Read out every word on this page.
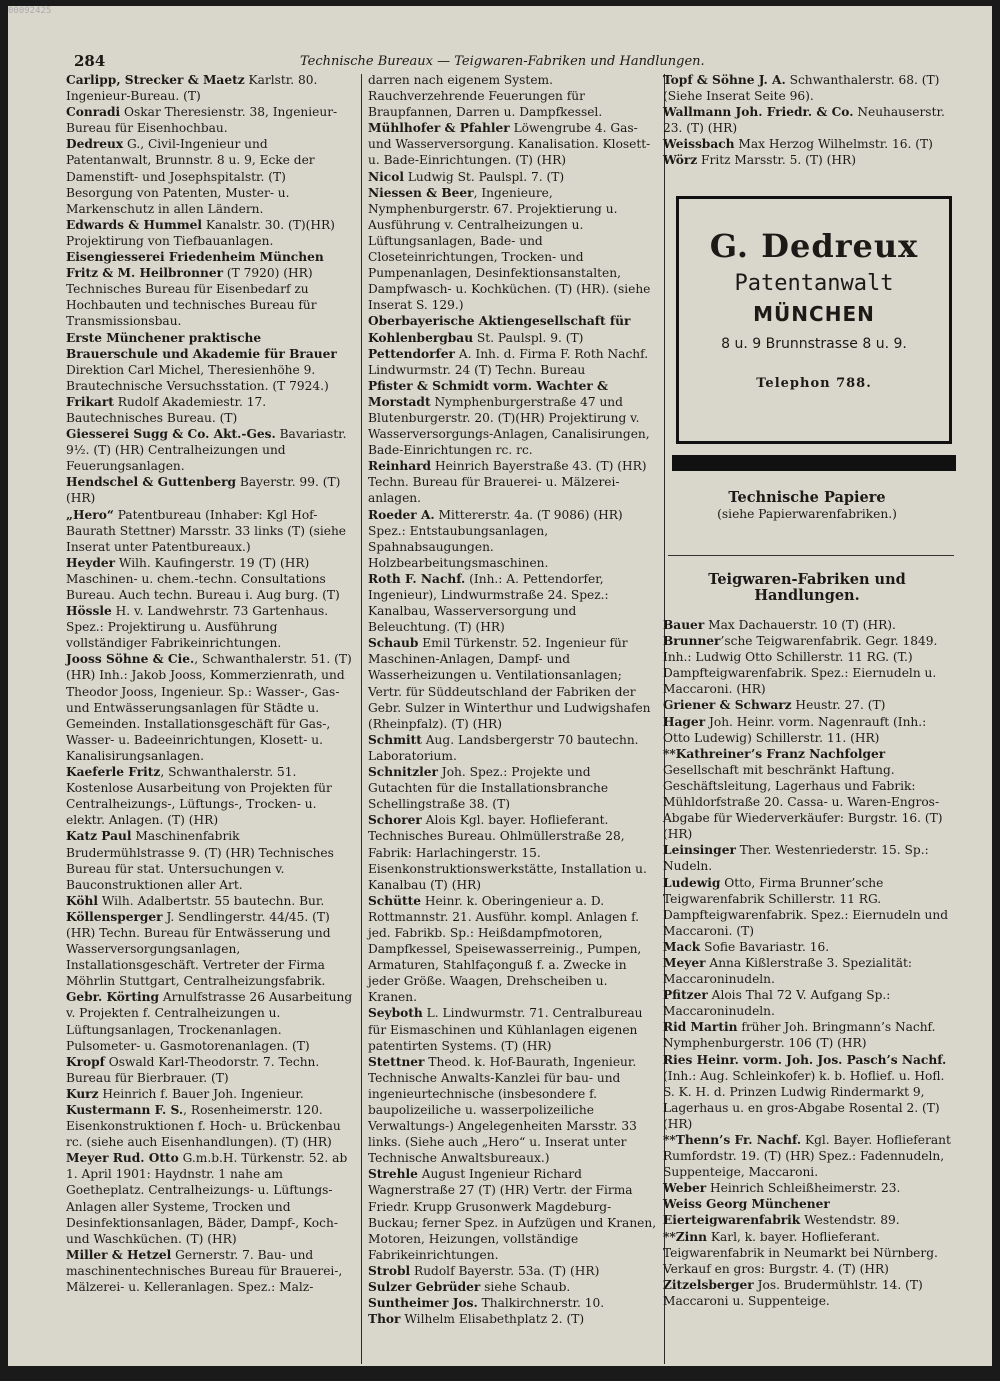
00092425
284	Technische Bureaux — Teigwaren-Fabriken und Handlungen.

Carlipp, Strecker & Maetz Karlstr. 80. Ingenieur-Bureau. (T)

Conradi Oskar Theresienstr. 38, Ingenieur-Bureau für Eisenhochbau.

Dedreux G., Civil-Ingenieur und Patentanwalt, Brunnstr. 8 u. 9, Ecke der Damenstift- und Josephspitalstr. (T) Besorgung von Patenten, Muster- u. Markenschutz in allen Ländern.

Edwards & Hummel Kanalstr. 30. (T)(HR) Projektirung von Tiefbauanlagen.

Eisengiesserei Friedenheim München Fritz & M. Heilbronner (T 7920) (HR) Technisches Bureau für Eisenbedarf zu Hochbauten und technisches Bureau für Transmissionsbau.

Erste Münchener praktische Brauerschule und Akademie für Brauer Direktion Carl Michel, Theresienhöhe 9. Brautechnische Versuchsstation. (T 7924.)

Frikart Rudolf Akademiestr. 17. Bautechnisches Bureau. (T)

Giesserei Sugg & Co. Akt.-Ges. Bavariastr. 9½. (T) (HR) Centralheizungen und Feuerungsanlagen.

Hendschel & Guttenberg Bayerstr. 99. (T) (HR)

„Hero“ Patentbureau (Inhaber: Kgl Hof-Baurath Stettner) Marsstr. 33 links (T) (siehe Inserat unter Patentbureaux.)

Heyder Wilh. Kaufingerstr. 19 (T) (HR) Maschinen- u. chem.-techn. Consultations Bureau. Auch techn. Bureau i. Aug burg. (T)

Hössle H. v. Landwehrstr. 73 Gartenhaus. Spez.: Projektirung u. Ausführung vollständiger Fabrikeinrichtungen.

Jooss Söhne & Cie., Schwanthalerstr. 51. (T) (HR) Inh.: Jakob Jooss, Kommerzienrath, und Theodor Jooss, Ingenieur. Sp.: Wasser-, Gas- und Entwässerungsanlagen für Städte u. Gemeinden. Installationsgeschäft für Gas-, Wasser- u. Badeeinrichtungen, Klosett- u. Kanalisirungsanlagen.

Kaeferle Fritz, Schwanthalerstr. 51. Kostenlose Ausarbeitung von Projekten für Centralheizungs-, Lüftungs-, Trocken- u. elektr. Anlagen. (T) (HR)

Katz Paul Maschinenfabrik Brudermühlstrasse 9. (T) (HR) Technisches Bureau für stat. Untersuchungen v. Bauconstruktionen aller Art.

Köhl Wilh. Adalbertstr. 55 bautechn. Bur.

Köllensperger J. Sendlingerstr. 44/45. (T) (HR) Techn. Bureau für Entwässerung und Wasserversorgungsanlagen, Installationsgeschäft. Vertreter der Firma Möhrlin Stuttgart, Centralheizungsfabrik.

Gebr. Körting Arnulfstrasse 26 Ausarbeitung v. Projekten f. Centralheizungen u. Lüftungsanlagen, Trockenanlagen. Pulsometer- u. Gasmotorenanlagen. (T)

Kropf Oswald Karl-Theodorstr. 7. Techn. Bureau für Bierbrauer. (T)

Kurz Heinrich f. Bauer Joh. Ingenieur.

Kustermann F. S., Rosenheimerstr. 120. Eisenkonstruktionen f. Hoch- u. Brückenbau rc. (siehe auch Eisenhandlungen). (T) (HR)

Meyer Rud. Otto G.m.b.H. Türkenstr. 52. ab 1. April 1901: Haydnstr. 1 nahe am Goetheplatz. Centralheizungs- u. Lüftungs-Anlagen aller Systeme, Trocken und Desinfektionsanlagen, Bäder, Dampf-, Koch- und Waschküchen. (T) (HR)

Miller & Hetzel Gernerstr. 7. Bau- und maschinentechnisches Bureau für Brauerei-, Mälzerei- u. Kelleranlagen. Spez.: Malz-

darren nach eigenem System. Rauchverzehrende Feuerungen für Braupfannen, Darren u. Dampfkessel.

Mühlhofer & Pfahler Löwengrube 4. Gas- und Wasserversorgung. Kanalisation. Klosett- u. Bade-Einrichtungen. (T) (HR)

Nicol Ludwig St. Paulspl. 7. (T)

Niessen & Beer, Ingenieure, Nymphenburgerstr. 67. Projektierung u. Ausführung v. Centralheizungen u. Lüftungsanlagen, Bade- und Closeteinrichtungen, Trocken- und Pumpenanlagen, Desinfektionsanstalten, Dampfwasch- u. Kochküchen. (T) (HR). (siehe Inserat S. 129.)

Oberbayerische Aktiengesellschaft für Kohlenbergbau St. Paulspl. 9. (T)

Pettendorfer A. Inh. d. Firma F. Roth Nachf. Lindwurmstr. 24 (T) Techn. Bureau

Pfister & Schmidt vorm. Wachter & Morstadt Nymphenburgerstraße 47 und Blutenburgerstr. 20. (T)(HR) Projektirung v. Wasserversorgungs-Anlagen, Canalisirungen, Bade-Einrichtungen rc. rc.

Reinhard Heinrich Bayerstraße 43. (T) (HR) Techn. Bureau für Brauerei- u. Mälzerei-anlagen.

Roeder A. Mittererstr. 4a. (T 9086) (HR) Spez.: Entstaubungsanlagen, Spahnabsaugungen. Holzbearbeitungsmaschinen.

Roth F. Nachf. (Inh.: A. Pettendorfer, Ingenieur), Lindwurmstraße 24. Spez.: Kanalbau, Wasserversorgung und Beleuchtung. (T) (HR)

Schaub Emil Türkenstr. 52. Ingenieur für Maschinen-Anlagen, Dampf- und Wasserheizungen u. Ventilationsanlagen; Vertr. für Süddeutschland der Fabriken der Gebr. Sulzer in Winterthur und Ludwigshafen (Rheinpfalz). (T) (HR)

Schmitt Aug. Landsbergerstr 70 bautechn. Laboratorium.

Schnitzler Joh. Spez.: Projekte und Gutachten für die Installationsbranche Schellingstraße 38. (T)

Schorer Alois Kgl. bayer. Hoflieferant. Technisches Bureau. Ohlmüllerstraße 28, Fabrik: Harlachingerstr. 15. Eisenkonstruktionswerkstätte, Installation u. Kanalbau (T) (HR)

Schütte Heinr. k. Oberingenieur a. D. Rottmannstr. 21. Ausführ. kompl. Anlagen f. jed. Fabrikb. Sp.: Heißdampfmotoren, Dampfkessel, Speisewasserreinig., Pumpen, Armaturen, Stahlfaçonguß f. a. Zwecke in jeder Größe. Waagen, Drehscheiben u. Kranen.

Seyboth L. Lindwurmstr. 71. Centralbureau für Eismaschinen und Kühlanlagen eigenen patentirten Systems. (T) (HR)

Stettner Theod. k. Hof-Baurath, Ingenieur. Technische Anwalts-Kanzlei für bau- und ingenieurtechnische (insbesondere f. baupolizeiliche u. wasserpolizeiliche Verwaltungs-) Angelegenheiten Marsstr. 33 links. (Siehe auch „Hero“ u. Inserat unter Technische Anwaltsbureaux.)

Strehle August Ingenieur Richard Wagnerstraße 27 (T) (HR) Vertr. der Firma Friedr. Krupp Grusonwerk Magdeburg-Buckau; ferner Spez. in Aufzügen und Kranen, Motoren, Heizungen, vollständige Fabrikeinrichtungen.

Strobl Rudolf Bayerstr. 53a. (T) (HR)

Sulzer Gebrüder siehe Schaub.

Suntheimer Jos. Thalkirchnerstr. 10.

Thor Wilhelm Elisabethplatz 2. (T)

Topf & Söhne J. A. Schwanthalerstr. 68. (T) (Siehe Inserat Seite 96).

Wallmann Joh. Friedr. & Co. Neuhauserstr. 23. (T) (HR)

Weissbach Max Herzog Wilhelmstr. 16. (T)

Wörz Fritz Marsstr. 5. (T) (HR)

G. Dedreux
Patentanwalt
MÜNCHEN
8 u. 9 Brunnstrasse 8 u. 9.
Telephon 788.

Technische Papiere

(siehe Papierwarenfabriken.)

Teigwaren-Fabriken und Handlungen.

Bauer Max Dachauerstr. 10 (T) (HR).

Brunner’sche Teigwarenfabrik. Gegr. 1849. Inh.: Ludwig Otto Schillerstr. 11 RG. (T.) Dampfteigwarenfabrik. Spez.: Eiernudeln u. Maccaroni. (HR)

Griener & Schwarz Heustr. 27. (T)

Hager Joh. Heinr. vorm. Nagenrauft (Inh.: Otto Ludewig) Schillerstr. 11. (HR)

**Kathreiner’s Franz Nachfolger Gesellschaft mit beschränkt Haftung. Geschäftsleitung, Lagerhaus und Fabrik: Mühldorfstraße 20. Cassa- u. Waren-Engros-Abgabe für Wiederverkäufer: Burgstr. 16. (T) (HR)

Leinsinger Ther. Westenriederstr. 15. Sp.: Nudeln.

Ludewig Otto, Firma Brunner’sche Teigwarenfabrik Schillerstr. 11 RG. Dampfteigwarenfabrik. Spez.: Eiernudeln und Maccaroni. (T)

Mack Sofie Bavariastr. 16.

Meyer Anna Kißlerstraße 3. Spezialität: Maccaroninudeln.

Pfitzer Alois Thal 72 V. Aufgang Sp.: Maccaroninudeln.

Rid Martin früher Joh. Bringmann’s Nachf. Nymphenburgerstr. 106 (T) (HR)

Ries Heinr. vorm. Joh. Jos. Pasch’s Nachf. (Inh.: Aug. Schleinkofer) k. b. Hoflief. u. Hofl. S. K. H. d. Prinzen Ludwig Rindermarkt 9, Lagerhaus u. en gros-Abgabe Rosental 2. (T) (HR)

**Thenn’s Fr. Nachf. Kgl. Bayer. Hoflieferant Rumfordstr. 19. (T) (HR) Spez.: Fadennudeln, Suppenteige, Maccaroni.

Weber Heinrich Schleißheimerstr. 23.

Weiss Georg Münchener Eierteigwarenfabrik Westendstr. 89.

**Zinn Karl, k. bayer. Hoflieferant. Teigwarenfabrik in Neumarkt bei Nürnberg. Verkauf en gros: Burgstr. 4. (T) (HR)

Zitzelsberger Jos. Brudermühlstr. 14. (T) Maccaroni u. Suppenteige.
